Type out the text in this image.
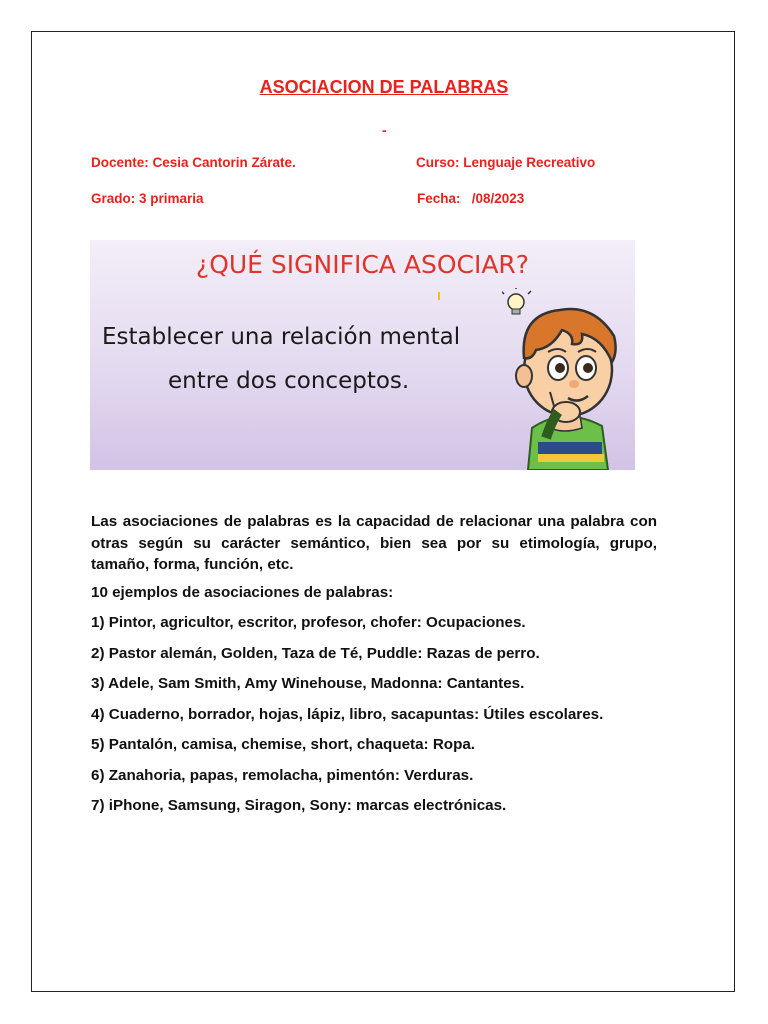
ASOCIACION DE PALABRAS
-
Docente: Cesia Cantorin Zárate.	Curso: Lenguaje Recreativo
Grado: 3 primaria	Fecha:   /08/2023
¿QUÉ SIGNIFICA ASOCIAR?
Establecer una relación mental
entre dos conceptos.

Las asociaciones de palabras es la capacidad de relacionar una palabra con otras según su carácter semántico, bien sea por su etimología, grupo, tamaño, forma, función, etc.

10 ejemplos de asociaciones de palabras:

1) Pintor, agricultor, escritor, profesor, chofer: Ocupaciones.

2) Pastor alemán, Golden, Taza de Té, Puddle: Razas de perro.

3) Adele, Sam Smith, Amy Winehouse, Madonna: Cantantes.

4) Cuaderno, borrador, hojas, lápiz, libro, sacapuntas: Útiles escolares.

5) Pantalón, camisa, chemise, short, chaqueta: Ropa.

6) Zanahoria, papas, remolacha, pimentón: Verduras.

7) iPhone, Samsung, Siragon, Sony: marcas electrónicas.
